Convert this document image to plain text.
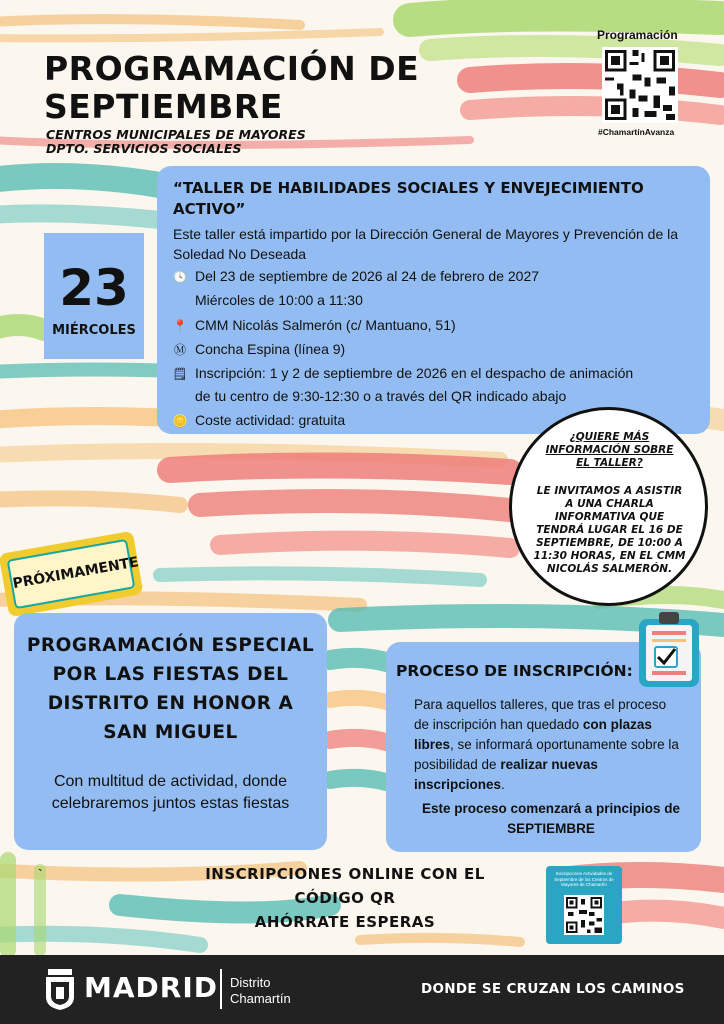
PROGRAMACIÓN DE
SEPTIEMBRE
CENTROS MUNICIPALES DE MAYORES
DPTO. SERVICIOS SOCIALES
Programación
#ChamartínAvanza
23
MIÉRCOLES
“TALLER DE HABILIDADES SOCIALES Y ENVEJECIMIENTO ACTIVO”
Este taller está impartido por la Dirección General de Mayores y Prevención de la Soledad No Deseada
🕓 Del 23 de septiembre de 2026 al 24 de febrero de 2027
Miércoles de 10:00 a 11:30
📍 CMM Nicolás Salmerón (c/ Mantuano, 51)
Ⓜ Concha Espina (línea 9)
🗒 Inscripción: 1 y 2 de septiembre de 2026 en el despacho de animación
de tu centro de 9:30-12:30 o a través del QR indicado abajo
🪙 Coste actividad: gratuita
¿QUIERE MÁS INFORMACIÓN SOBRE EL TALLER?
LE INVITAMOS A ASISTIR A UNA CHARLA INFORMATIVA QUE TENDRÁ LUGAR EL 16 DE SEPTIEMBRE, DE 10:00 A 11:30 HORAS, EN EL CMM NICOLÁS SALMERÓN.
PRÓXIMAMENTE
PROGRAMACIÓN ESPECIAL POR LAS FIESTAS DEL DISTRITO EN HONOR A SAN MIGUEL
Con multitud de actividad, donde celebraremos juntos estas fiestas
PROCESO DE INSCRIPCIÓN:
Para aquellos talleres, que tras el proceso de inscripción han quedado con plazas libres, se informará oportunamente sobre la posibilidad de realizar nuevas inscripciones.
Este proceso comenzará a principios de SEPTIEMBRE
`	INSCRIPCIONES ONLINE CON EL
CÓDIGO QR
AHÓRRATE ESPERAS
Inscripciones Actividades de Septiembre de los Centros de Mayores de Chamartín
MADRID Distrito
Chamartín
DONDE SE CRUZAN LOS CAMINOS
